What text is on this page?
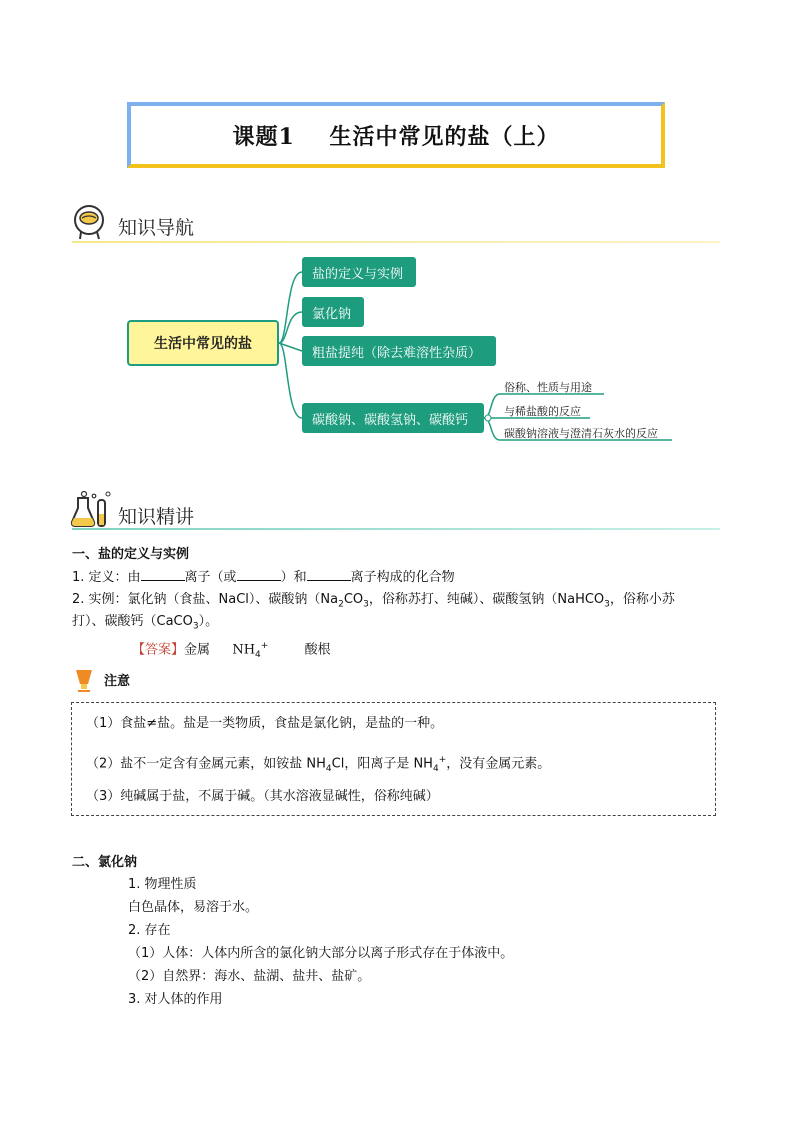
课题1    生活中常见的盐（上）
知识导航
生活中常见的盐
盐的定义与实例
氯化钠
粗盐提纯（除去难溶性杂质）
碳酸钠、碳酸氢钠、碳酸钙
俗称、性质与用途
与稀盐酸的反应
碳酸钠溶液与澄清石灰水的反应
知识精讲
一、盐的定义与实例
1. 定义：由	离子（或	）和	离子构成的化合物
2. 实例：氯化钠（食盐、NaCl）、碳酸钠（$Na_2CO_3$，俗称苏打、纯碱）、碳酸氢钠（NaHCO$_3$，俗称小苏
打）、碳酸钙（CaCO$_3$）。
【答案】金属 $NH_4^+$	酸根
注意
（1）食盐≠盐。盐是一类物质，食盐是氯化钠，是盐的一种。
（2）盐不一定含有金属元素，如铵盐 $NH_4Cl$，阳离子是 $NH_4^+$，没有金属元素。
（3）纯碱属于盐，不属于碱。（其水溶液显碱性，俗称纯碱）
二、氯化钠
1. 物理性质
白色晶体，易溶于水。
2. 存在
（1）人体：人体内所含的氯化钠大部分以离子形式存在于体液中。
（2）自然界：海水、盐湖、盐井、盐矿。
3. 对人体的作用
